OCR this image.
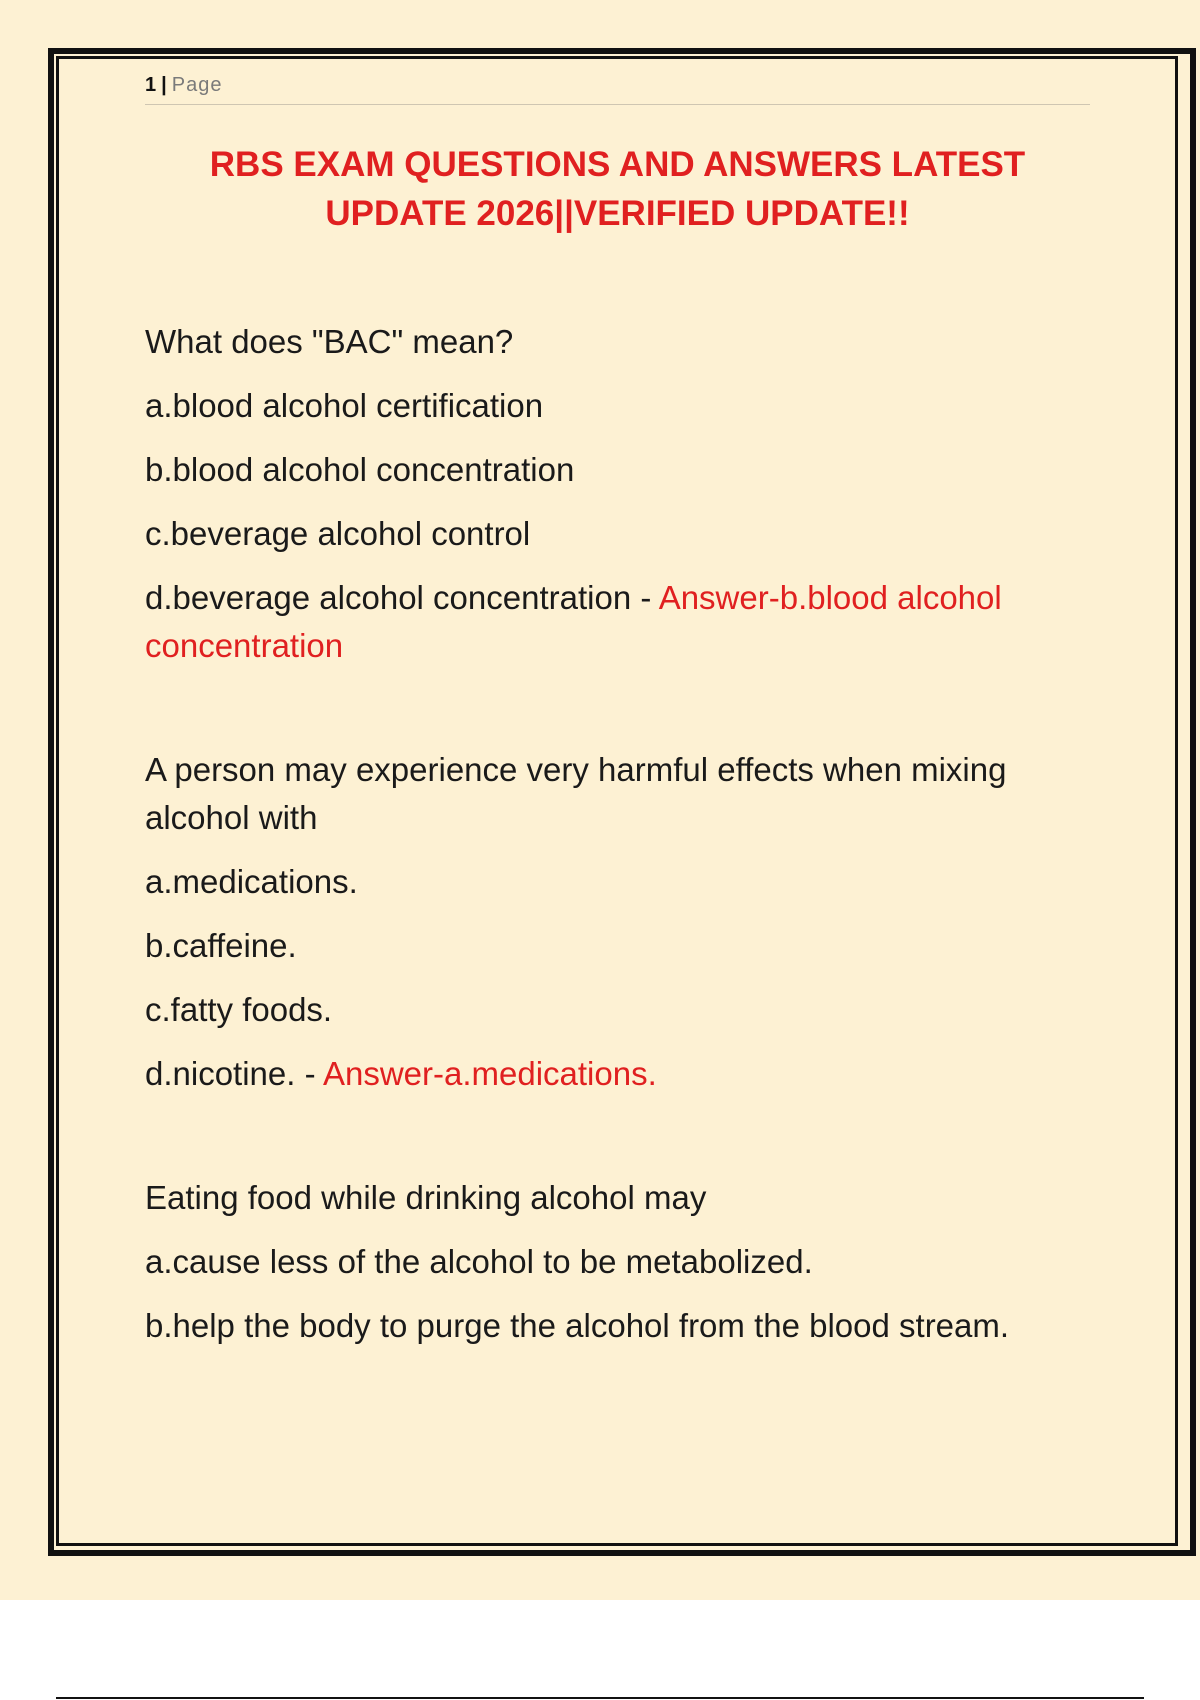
1 | Page
RBS EXAM QUESTIONS AND ANSWERS LATEST
UPDATE 2026||VERIFIED UPDATE!!

What does "BAC" mean?

a.blood alcohol certification

b.blood alcohol concentration

c.beverage alcohol control

d.beverage alcohol concentration - Answer-b.blood alcohol concentration

A person may experience very harmful effects when mixing alcohol with

a.medications.

b.caffeine.

c.fatty foods.

d.nicotine. - Answer-a.medications.

Eating food while drinking alcohol may

a.cause less of the alcohol to be metabolized.

b.help the body to purge the alcohol from the blood stream.
